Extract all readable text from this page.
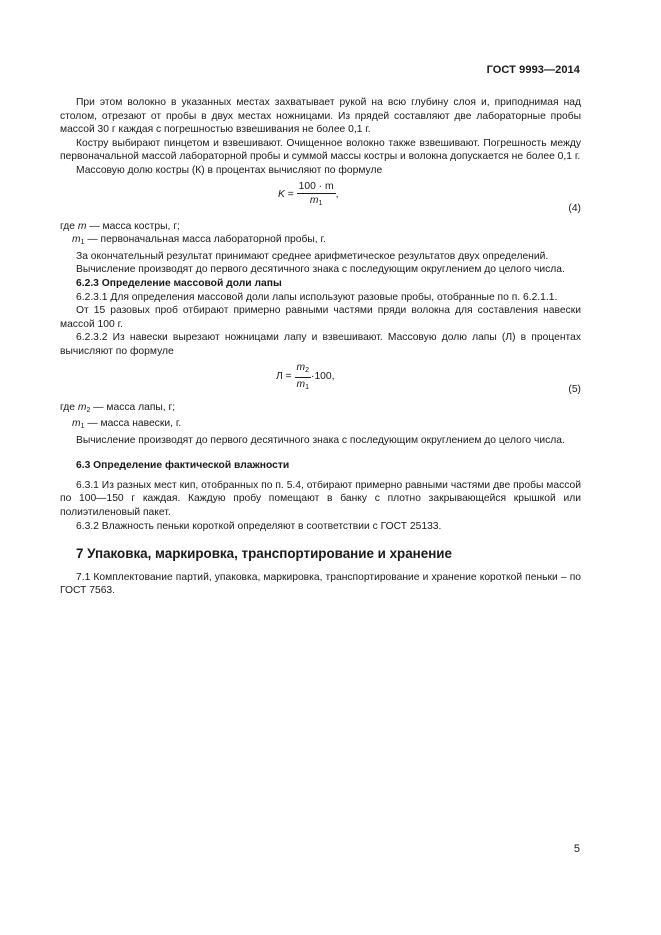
ГОСТ 9993—2014

При этом волокно в указанных местах захватывает рукой на всю глубину слоя и, приподнимая над столом, отрезают от пробы в двух местах ножницами. Из прядей составляют две лабораторные пробы массой 30 г каждая с погрешностью взвешивания не более 0,1 г.

Костру выбирают пинцетом и взвешивают. Очищенное волокно также взвешивают. Погрешность между первоначальной массой лабораторной пробы и суммой массы костры и волокна допускается не более 0,1 г.

Массовую долю костры (К) в процентах вычисляют по формуле

$K = \frac{100 \cdot m}{m_1}$ ,
(4)

где m — масса костры, г;

$m_1$ — первоначальная масса лабораторной пробы, г.

За окончательный результат принимают среднее арифметическое результатов двух определений.

Вычисление производят до первого десятичного знака с последующим округлением до целого числа.

6.2.3 Определение массовой доли лапы

6.2.3.1 Для определения массовой доли лапы используют разовые пробы, отобранные по п. 6.2.1.1.

От 15 разовых проб отбирают примерно равными частями пряди волокна для составления навески массой 100 г.

6.2.3.2 Из навески вырезают ножницами лапу и взвешивают. Массовую долю лапы (Л) в процентах вычисляют по формуле

$Л = \frac{m_2}{m_1} \cdot 100$,
(5)

где $m_2$ — масса лапы, г;

$m_1$ — масса навески, г.

Вычисление производят до первого десятичного знака с последующим округлением до целого числа.

6.3 Определение фактической влажности

6.3.1 Из разных мест кип, отобранных по п. 5.4, отбирают примерно равными частями две пробы массой по 100—150 г каждая. Каждую пробу помещают в банку с плотно закрывающейся крышкой или полиэтиленовый пакет.

6.3.2 Влажность пеньки короткой определяют в соответствии с ГОСТ 25133.

7 Упаковка, маркировка, транспортирование и хранение

7.1 Комплектование партий, упаковка, маркировка, транспортирование и хранение короткой пеньки – по ГОСТ 7563.

5
